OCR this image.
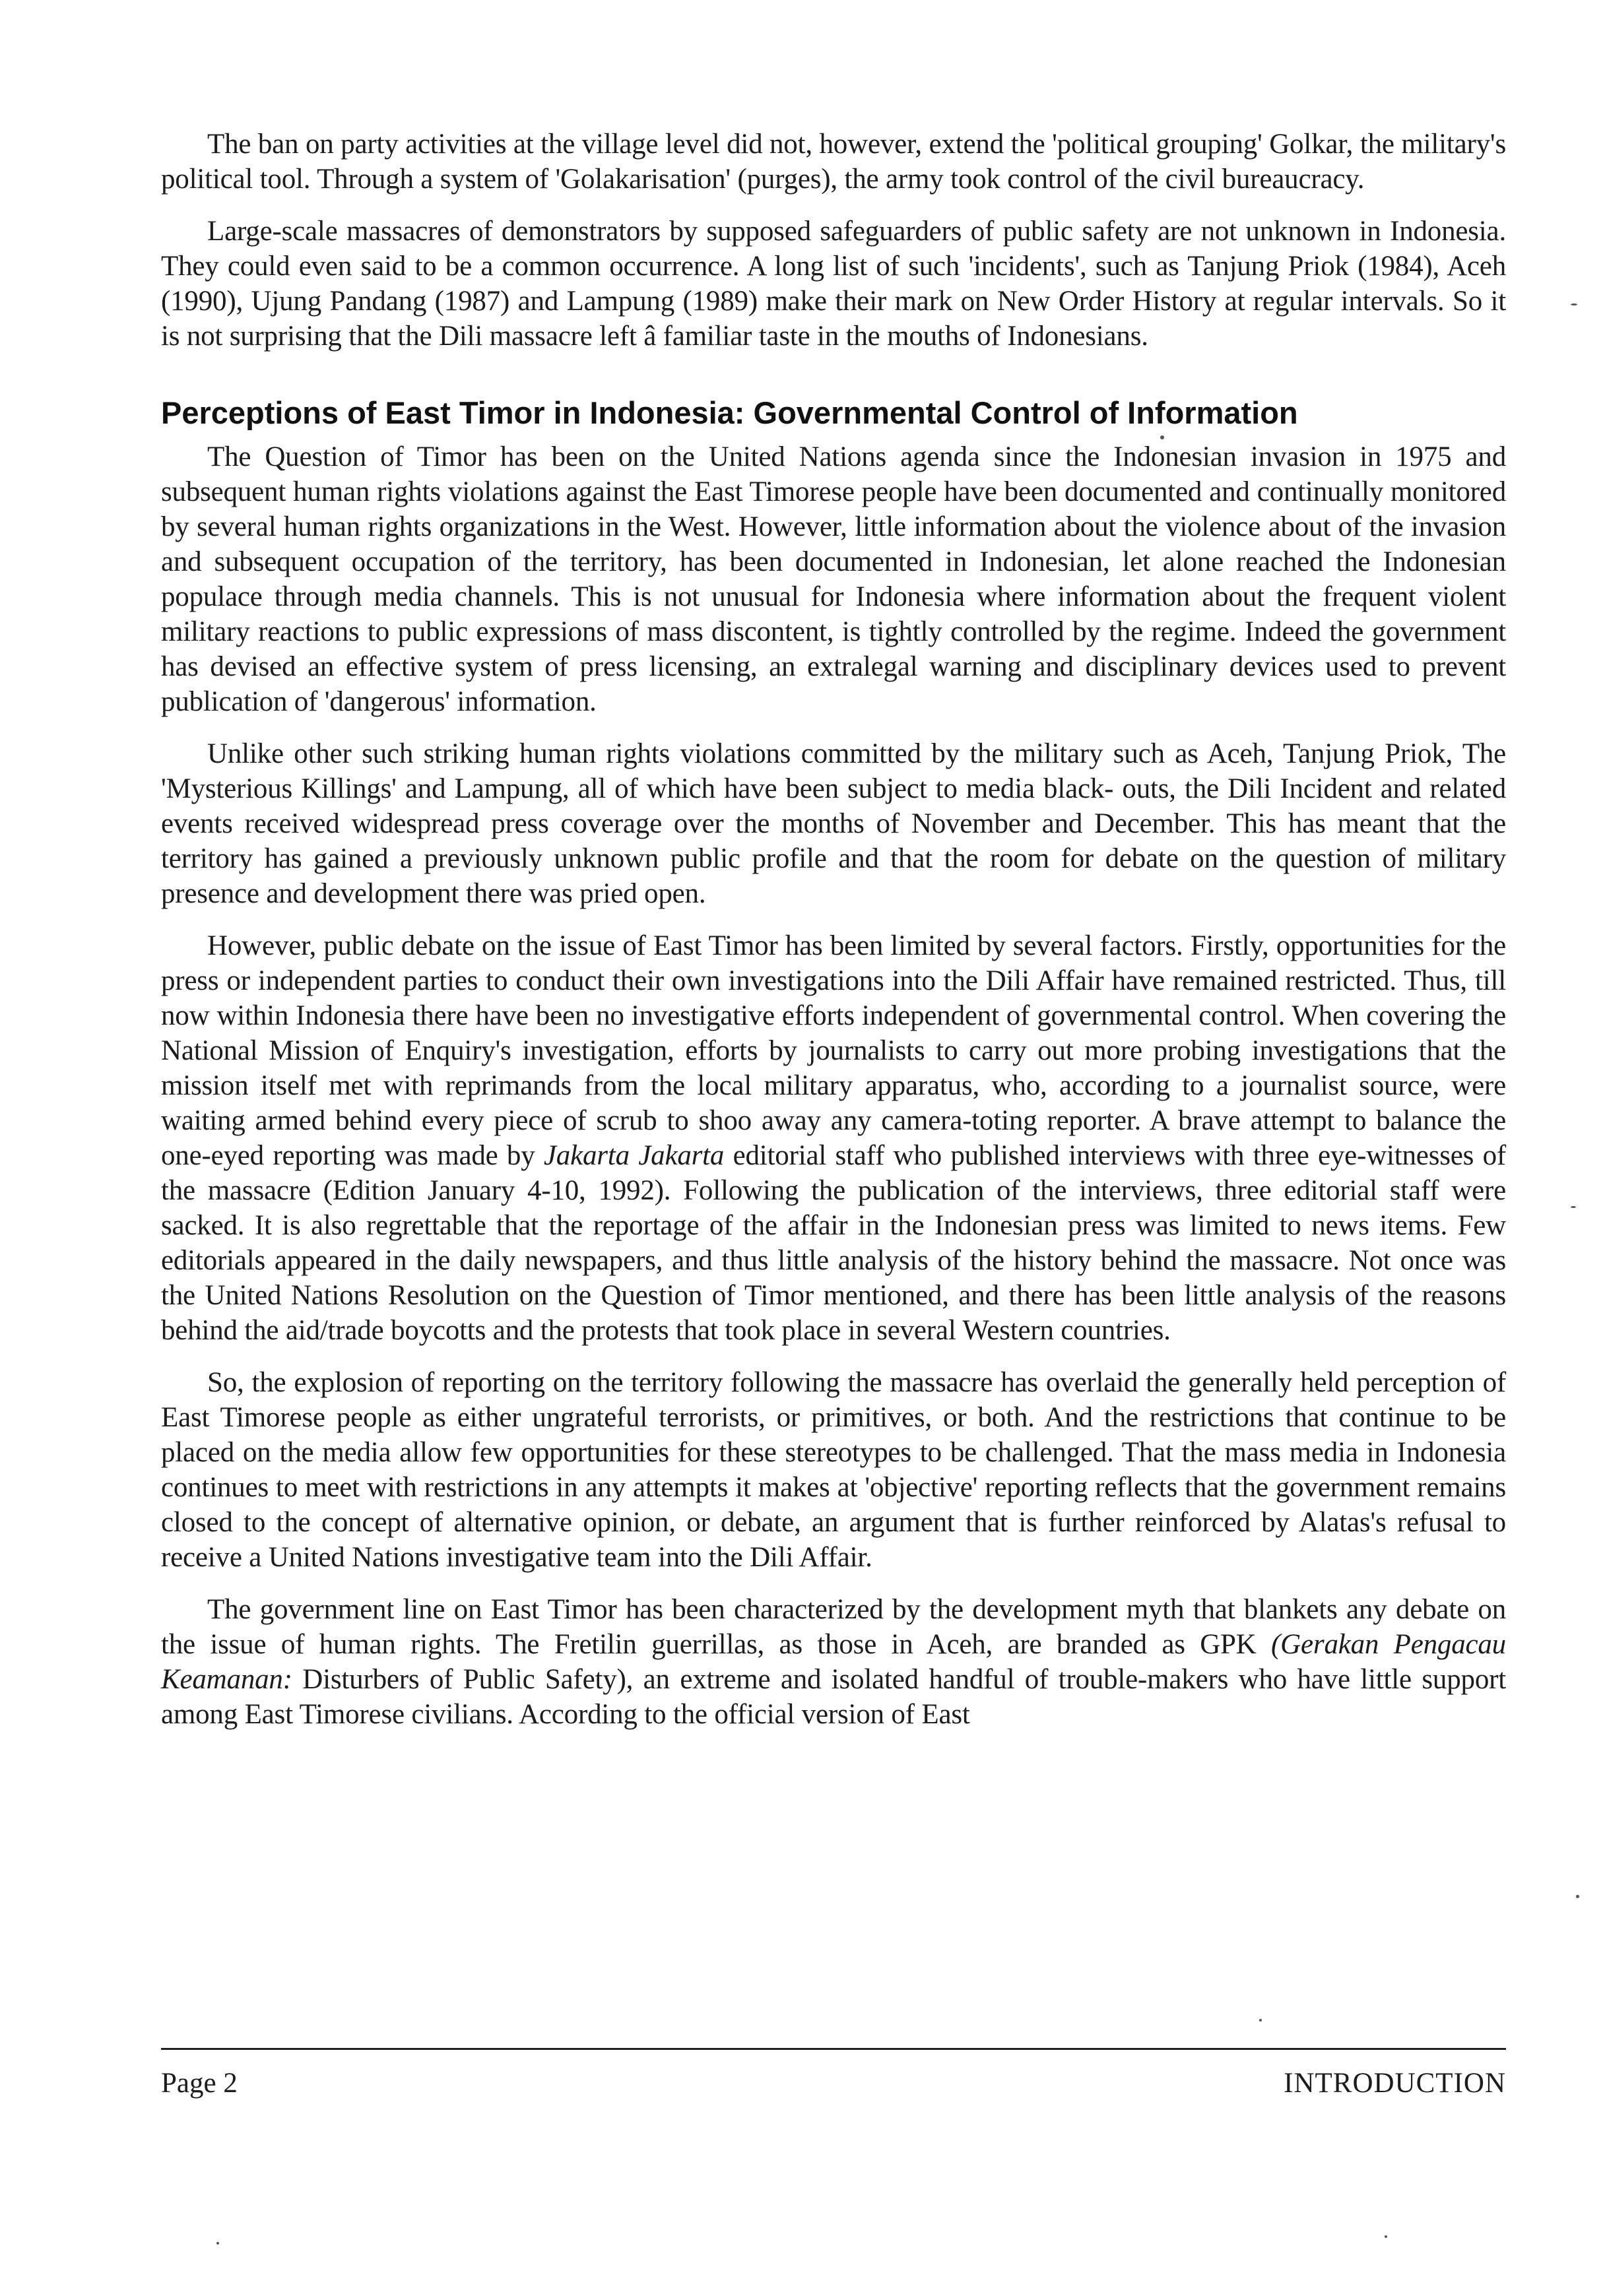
The ban on party activities at the village level did not, however, extend the 'political grouping' Golkar, the military's political tool. Through a system of 'Golakarisation' (purges), the army took control of the civil bureaucracy.

Large-scale massacres of demonstrators by supposed safeguarders of public safety are not unknown in Indonesia. They could even said to be a common occurrence. A long list of such 'incidents', such as Tanjung Priok (1984), Aceh (1990), Ujung Pandang (1987) and Lampung (1989) make their mark on New Order History at regular intervals. So it is not surprising that the Dili massacre left â familiar taste in the mouths of Indonesians.

Perceptions of East Timor in Indonesia: Governmental Control of Information

The Question of Timor has been on the United Nations agenda since the Indonesian invasion in 1975 and subsequent human rights violations against the East Timorese people have been documented and continually monitored by several human rights organizations in the West. However, little information about the violence about of the invasion and subsequent occupation of the territory, has been documented in Indonesian, let alone reached the Indonesian populace through media channels. This is not unusual for Indonesia where information about the frequent violent military reactions to public expressions of mass discontent, is tightly controlled by the regime. Indeed the government has devised an effective system of press licensing, an extralegal warning and disciplinary devices used to prevent publication of 'dangerous' information.

Unlike other such striking human rights violations committed by the military such as Aceh, Tanjung Priok, The 'Mysterious Killings' and Lampung, all of which have been subject to media black- outs, the Dili Incident and related events received widespread press coverage over the months of November and December. This has meant that the territory has gained a previously unknown public profile and that the room for debate on the question of military presence and development there was pried open.

However, public debate on the issue of East Timor has been limited by several factors. Firstly, opportunities for the press or independent parties to conduct their own investigations into the Dili Affair have remained restricted. Thus, till now within Indonesia there have been no investigative efforts independent of governmental control. When covering the National Mission of Enquiry's investigation, efforts by journalists to carry out more probing investigations that the mission itself met with reprimands from the local military apparatus, who, according to a journalist source, were waiting armed behind every piece of scrub to shoo away any camera-toting reporter. A brave attempt to balance the one-eyed reporting was made by Jakarta Jakarta editorial staff who published interviews with three eye-witnesses of the massacre (Edition January 4-10, 1992). Following the publication of the interviews, three editorial staff were sacked. It is also regrettable that the reportage of the affair in the Indonesian press was limited to news items. Few editorials appeared in the daily newspapers, and thus little analysis of the history behind the massacre. Not once was the United Nations Resolution on the Question of Timor mentioned, and there has been little analysis of the reasons behind the aid/trade boycotts and the protests that took place in several Western countries.

So, the explosion of reporting on the territory following the massacre has overlaid the generally held perception of East Timorese people as either ungrateful terrorists, or primitives, or both. And the restrictions that continue to be placed on the media allow few opportunities for these stereotypes to be challenged. That the mass media in Indonesia continues to meet with restrictions in any attempts it makes at 'objective' reporting reflects that the government remains closed to the concept of alternative opinion, or debate, an argument that is further reinforced by Alatas's refusal to receive a United Nations investigative team into the Dili Affair.

The government line on East Timor has been characterized by the development myth that blankets any debate on the issue of human rights. The Fretilin guerrillas, as those in Aceh, are branded as GPK (Gerakan Pengacau Keamanan: Disturbers of Public Safety), an extreme and isolated handful of trouble-makers who have little support among East Timorese civilians. According to the official version of East

Page 2	INTRODUCTION
